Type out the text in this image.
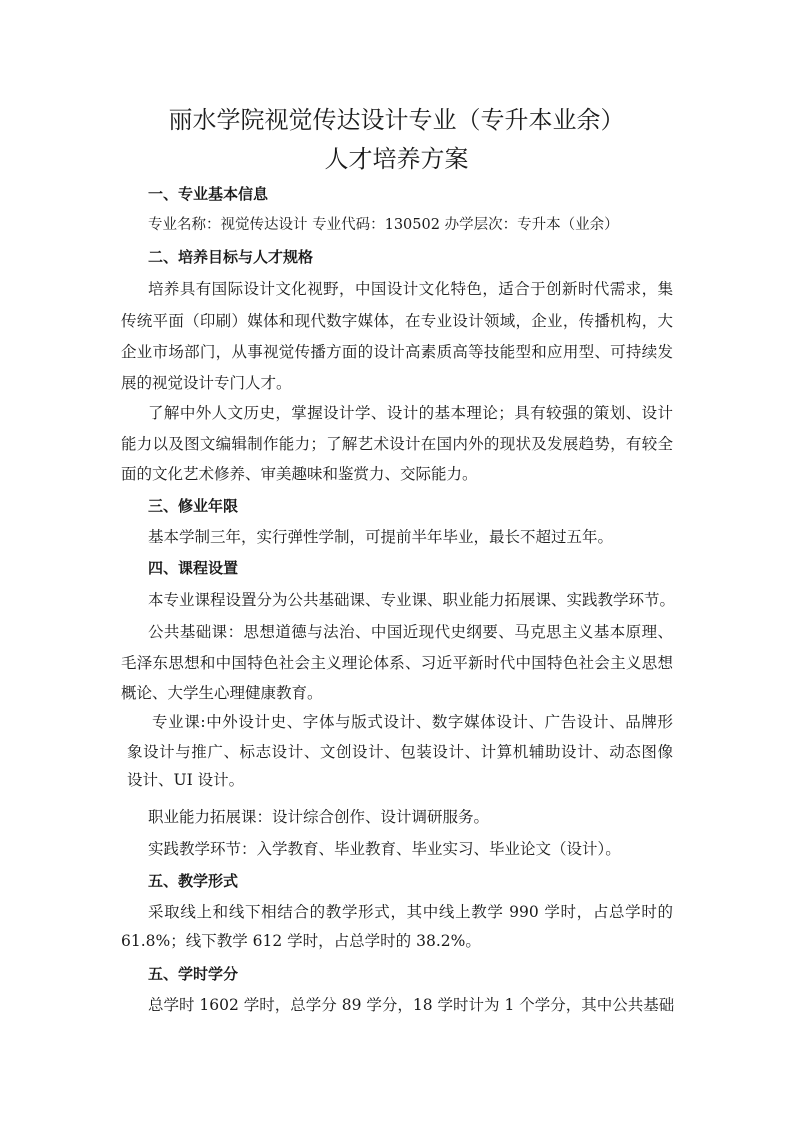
丽水学院视觉传达设计专业（专升本业余）
人才培养方案
一、专业基本信息
专业名称：视觉传达设计 专业代码：130502 办学层次：专升本（业余）
二、培养目标与人才规格
培养具有国际设计文化视野，中国设计文化特色，适合于创新时代需求，集
传统平面（印刷）媒体和现代数字媒体，在专业设计领域，企业，传播机构，大
企业市场部门，从事视觉传播方面的设计高素质高等技能型和应用型、可持续发
展的视觉设计专门人才。
了解中外人文历史，掌握设计学、设计的基本理论；具有较强的策划、设计
能力以及图文编辑制作能力；了解艺术设计在国内外的现状及发展趋势，有较全
面的文化艺术修养、审美趣味和鉴赏力、交际能力。
三、修业年限
基本学制三年，实行弹性学制，可提前半年毕业，最长不超过五年。
四、课程设置
本专业课程设置分为公共基础课、专业课、职业能力拓展课、实践教学环节。
公共基础课：思想道德与法治、中国近现代史纲要、马克思主义基本原理、
毛泽东思想和中国特色社会主义理论体系、习近平新时代中国特色社会主义思想
概论、大学生心理健康教育。
专业课:中外设计史、字体与版式设计、数字媒体设计、广告设计、品牌形
象设计与推广、标志设计、文创设计、包装设计、计算机辅助设计、动态图像
设计、UI 设计。
职业能力拓展课：设计综合创作、设计调研服务。
实践教学环节：入学教育、毕业教育、毕业实习、毕业论文（设计）。
五、教学形式
采取线上和线下相结合的教学形式，其中线上教学 990 学时，占总学时的
61.8%；线下教学 612 学时，占总学时的 38.2%。
五、学时学分
总学时 1602 学时，总学分 89 学分，18 学时计为 1 个学分，其中公共基础
